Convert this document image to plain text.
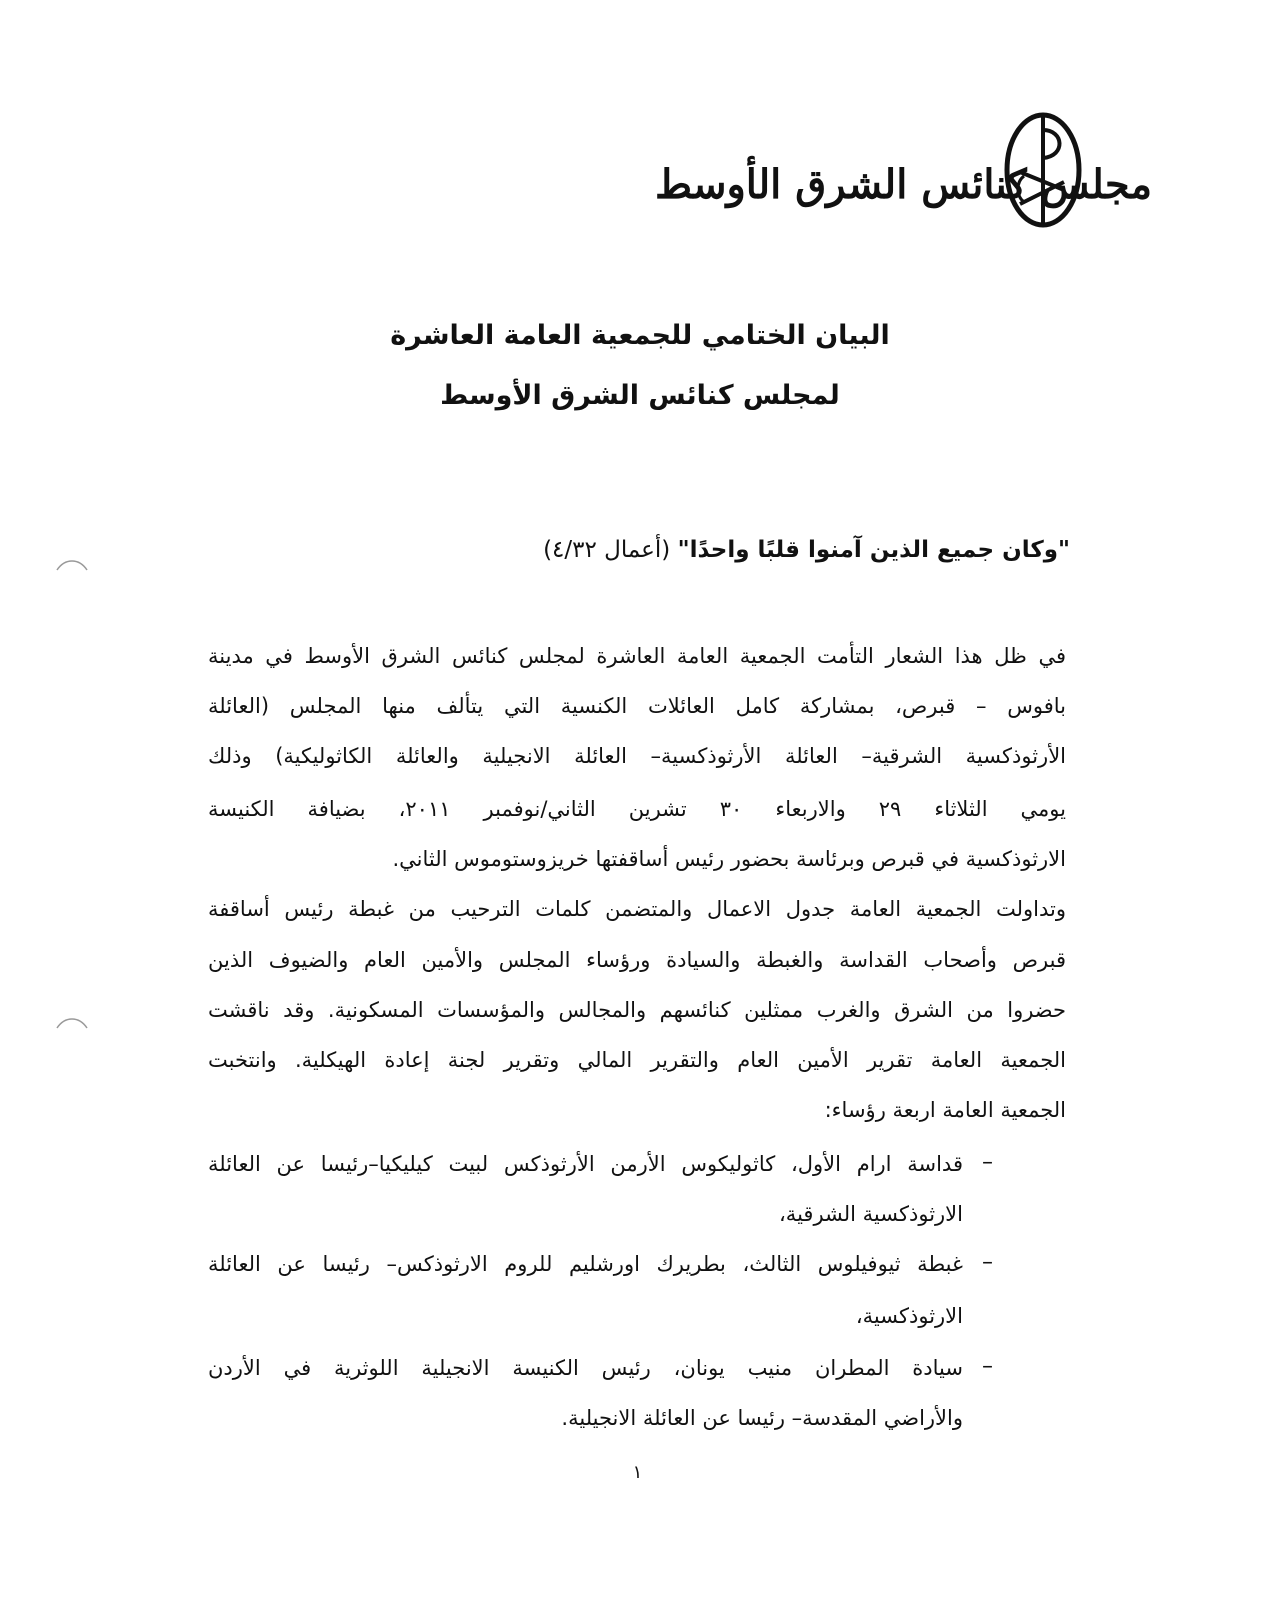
مجلس كنائس الشرق الأوسط
البيان الختامي للجمعية العامة العاشرة
لمجلس كنائس الشرق الأوسط
"وكان جميع الذين آمنوا قلبًا واحدًا" (أعمال ٤/٣٢)
في ظل هذا الشعار التأمت الجمعية العامة العاشرة لمجلس كنائس الشرق الأوسط في مدينة
بافوس – قبرص، بمشاركة كامل العائلات الكنسية التي يتألف منها المجلس (العائلة
الأرثوذكسية الشرقية– العائلة الأرثوذكسية– العائلة الانجيلية والعائلة الكاثوليكية) وذلك
يومي الثلاثاء ٢٩ والاربعاء ٣٠ تشرين الثاني/نوفمبر ٢٠١١، بضيافة الكنيسة
الارثوذكسية في قبرص وبرئاسة بحضور رئيس أساقفتها خريزوستوموس الثاني.
وتداولت الجمعية العامة جدول الاعمال والمتضمن كلمات الترحيب من غبطة رئيس أساقفة
قبرص وأصحاب القداسة والغبطة والسيادة ورؤساء المجلس والأمين العام والضيوف الذين
حضروا من الشرق والغرب ممثلين كنائسهم والمجالس والمؤسسات المسكونية. وقد ناقشت
الجمعية العامة تقرير الأمين العام والتقرير المالي وتقرير لجنة إعادة الهيكلية. وانتخبت
الجمعية العامة اربعة رؤساء:
–
قداسة ارام الأول، كاثوليكوس الأرمن الأرثوذكس لبيت كيليكيا–رئيسا عن العائلة
الارثوذكسية الشرقية،
–
غبطة ثيوفيلوس الثالث، بطريرك اورشليم للروم الارثوذكس– رئيسا عن العائلة
الارثوذكسية،
–
سيادة المطران منيب يونان، رئيس الكنيسة الانجيلية اللوثرية في الأردن
والأراضي المقدسة– رئيسا عن العائلة الانجيلية.
١
